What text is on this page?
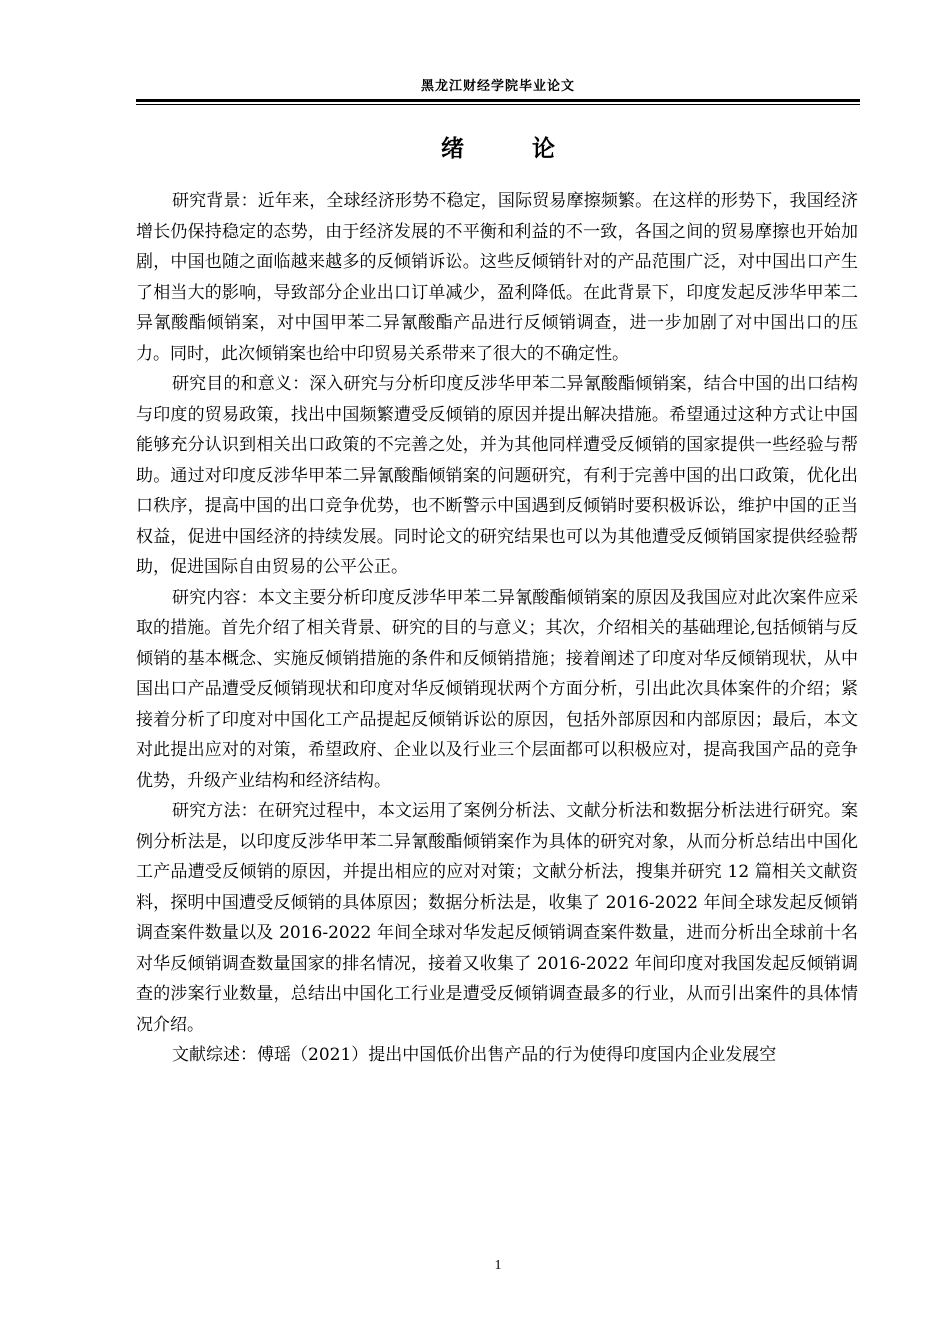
黑龙江财经学院毕业论文
绪 论

研究背景：近年来，全球经济形势不稳定，国际贸易摩擦频繁。在这样的形势下，我国经济增长仍保持稳定的态势，由于经济发展的不平衡和利益的不一致，各国之间的贸易摩擦也开始加剧，中国也随之面临越来越多的反倾销诉讼。这些反倾销针对的产品范围广泛，对中国出口产生了相当大的影响，导致部分企业出口订单减少，盈利降低。在此背景下，印度发起反涉华甲苯二异氰酸酯倾销案，对中国甲苯二异氰酸酯产品进行反倾销调查，进一步加剧了对中国出口的压力。同时，此次倾销案也给中印贸易关系带来了很大的不确定性。

研究目的和意义：深入研究与分析印度反涉华甲苯二异氰酸酯倾销案，结合中国的出口结构与印度的贸易政策，找出中国频繁遭受反倾销的原因并提出解决措施。希望通过这种方式让中国能够充分认识到相关出口政策的不完善之处，并为其他同样遭受反倾销的国家提供一些经验与帮助。通过对印度反涉华甲苯二异氰酸酯倾销案的问题研究，有利于完善中国的出口政策，优化出口秩序，提高中国的出口竞争优势，也不断警示中国遇到反倾销时要积极诉讼，维护中国的正当权益，促进中国经济的持续发展。同时论文的研究结果也可以为其他遭受反倾销国家提供经验帮助，促进国际自由贸易的公平公正。

研究内容：本文主要分析印度反涉华甲苯二异氰酸酯倾销案的原因及我国应对此次案件应采取的措施。首先介绍了相关背景、研究的目的与意义；其次，介绍相关的基础理论,包括倾销与反倾销的基本概念、实施反倾销措施的条件和反倾销措施；接着阐述了印度对华反倾销现状，从中国出口产品遭受反倾销现状和印度对华反倾销现状两个方面分析，引出此次具体案件的介绍；紧接着分析了印度对中国化工产品提起反倾销诉讼的原因，包括外部原因和内部原因；最后，本文对此提出应对的对策，希望政府、企业以及行业三个层面都可以积极应对，提高我国产品的竞争优势，升级产业结构和经济结构。

研究方法：在研究过程中，本文运用了案例分析法、文献分析法和数据分析法进行研究。案例分析法是，以印度反涉华甲苯二异氰酸酯倾销案作为具体的研究对象，从而分析总结出中国化工产品遭受反倾销的原因，并提出相应的应对对策；文献分析法，搜集并研究 12 篇相关文献资料，探明中国遭受反倾销的具体原因；数据分析法是，收集了 2016-2022 年间全球发起反倾销调查案件数量以及 2016-2022 年间全球对华发起反倾销调查案件数量，进而分析出全球前十名对华反倾销调查数量国家的排名情况，接着又收集了 2016-2022 年间印度对我国发起反倾销调查的涉案行业数量，总结出中国化工行业是遭受反倾销调查最多的行业，从而引出案件的具体情况介绍。

文献综述：傅瑶（2021）提出中国低价出售产品的行为使得印度国内企业发展空

1
